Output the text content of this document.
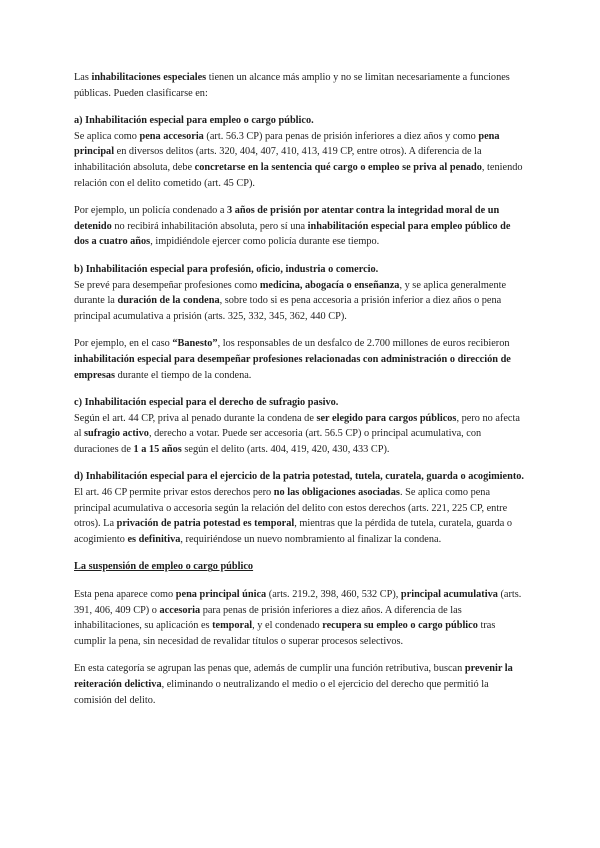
Las inhabilitaciones especiales tienen un alcance más amplio y no se limitan necesariamente a funciones públicas. Pueden clasificarse en:

a) Inhabilitación especial para empleo o cargo público.

Se aplica como pena accesoria (art. 56.3 CP) para penas de prisión inferiores a diez años y como pena principal en diversos delitos (arts. 320, 404, 407, 410, 413, 419 CP, entre otros). A diferencia de la inhabilitación absoluta, debe concretarse en la sentencia qué cargo o empleo se priva al penado, teniendo relación con el delito cometido (art. 45 CP).

Por ejemplo, un policía condenado a 3 años de prisión por atentar contra la integridad moral de un detenido no recibirá inhabilitación absoluta, pero sí una inhabilitación especial para empleo público de dos a cuatro años, impidiéndole ejercer como policía durante ese tiempo.

b) Inhabilitación especial para profesión, oficio, industria o comercio.

Se prevé para desempeñar profesiones como medicina, abogacía o enseñanza, y se aplica generalmente durante la duración de la condena, sobre todo si es pena accesoria a prisión inferior a diez años o pena principal acumulativa a prisión (arts. 325, 332, 345, 362, 440 CP).

Por ejemplo, en el caso “Banesto”, los responsables de un desfalco de 2.700 millones de euros recibieron inhabilitación especial para desempeñar profesiones relacionadas con administración o dirección de empresas durante el tiempo de la condena.

c) Inhabilitación especial para el derecho de sufragio pasivo.

Según el art. 44 CP, priva al penado durante la condena de ser elegido para cargos públicos, pero no afecta al sufragio activo, derecho a votar. Puede ser accesoria (art. 56.5 CP) o principal acumulativa, con duraciones de 1 a 15 años según el delito (arts. 404, 419, 420, 430, 433 CP).

d) Inhabilitación especial para el ejercicio de la patria potestad, tutela, curatela, guarda o acogimiento.

El art. 46 CP permite privar estos derechos pero no las obligaciones asociadas. Se aplica como pena principal acumulativa o accesoria según la relación del delito con estos derechos (arts. 221, 225 CP, entre otros). La privación de patria potestad es temporal, mientras que la pérdida de tutela, curatela, guarda o acogimiento es definitiva, requiriéndose un nuevo nombramiento al finalizar la condena.

La suspensión de empleo o cargo público

Esta pena aparece como pena principal única (arts. 219.2, 398, 460, 532 CP), principal acumulativa (arts. 391, 406, 409 CP) o accesoria para penas de prisión inferiores a diez años. A diferencia de las inhabilitaciones, su aplicación es temporal, y el condenado recupera su empleo o cargo público tras cumplir la pena, sin necesidad de revalidar títulos o superar procesos selectivos.

En esta categoría se agrupan las penas que, además de cumplir una función retributiva, buscan prevenir la reiteración delictiva, eliminando o neutralizando el medio o el ejercicio del derecho que permitió la comisión del delito.
